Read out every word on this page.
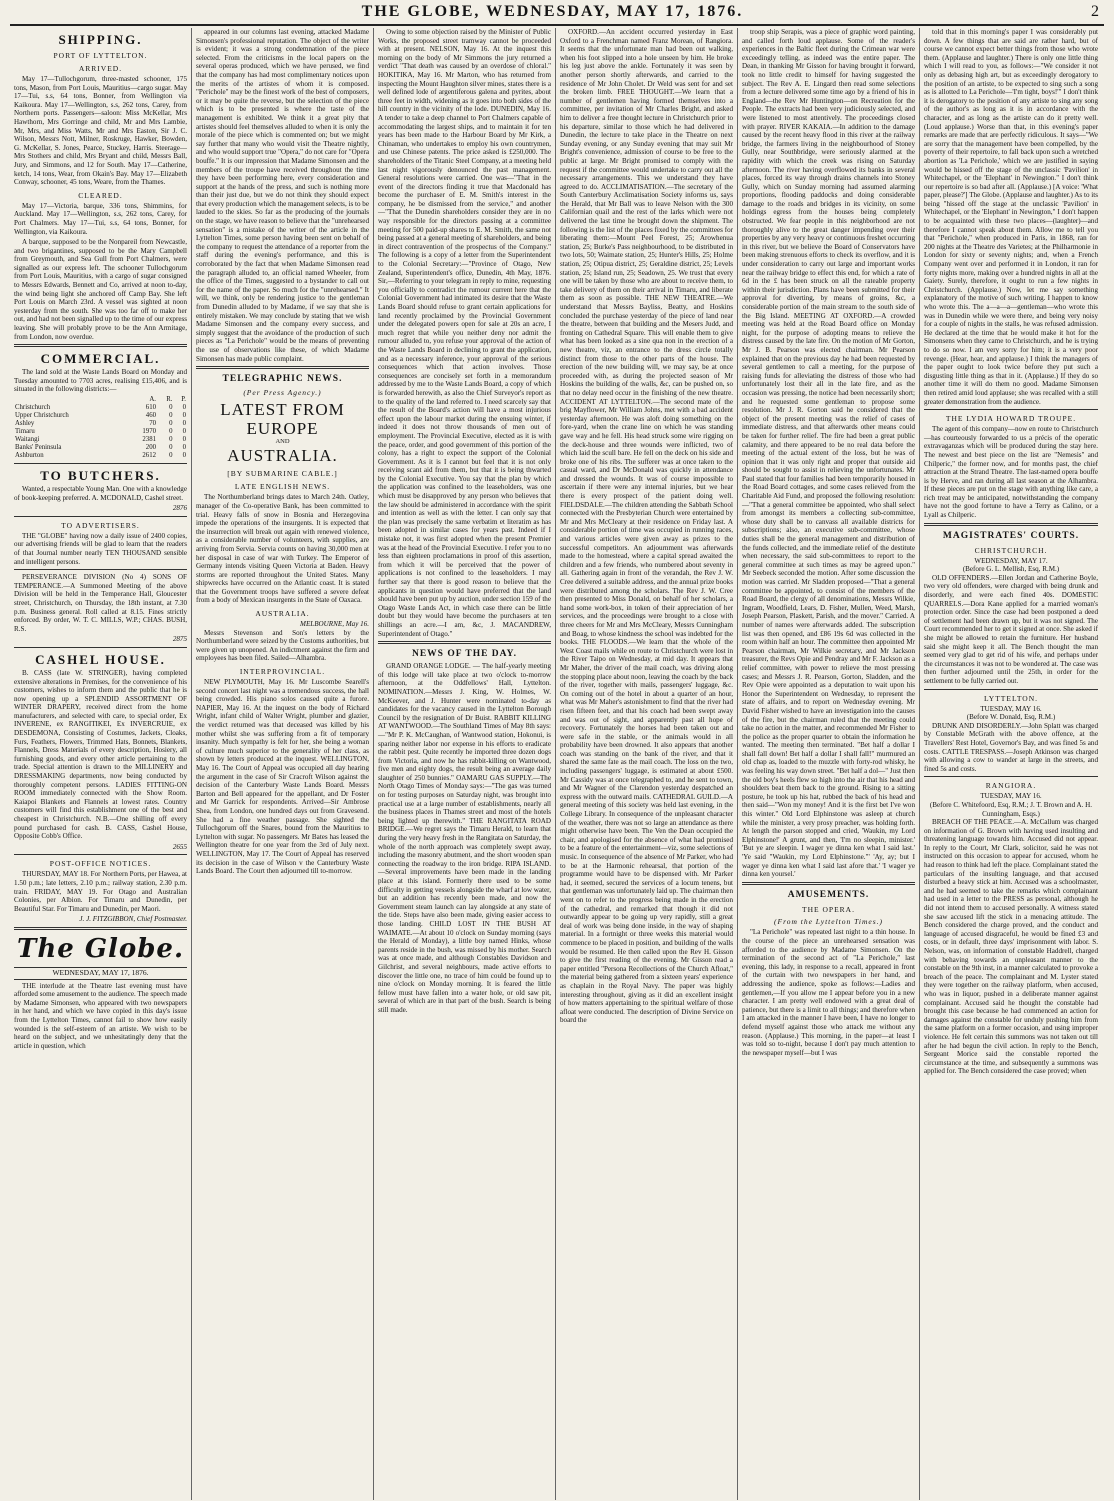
THE GLOBE, WEDNESDAY, MAY 17, 1876.	2
SHIPPING.
PORT OF LYTTELTON.
ARRIVED.

May 17—Tullochgorum, three-masted schooner, 175 tons, Mason, from Port Louis, Mauritius—cargo sugar. May 17—Tui, s.s, 64 tons, Bonner, from Wellington via Kaikoura. May 17—Wellington, s.s, 262 tons, Carey, from Northern ports. Passengers—saloon: Miss McKellar, Mrs Hawthorn, Mrs Gorringe and child, Mr and Mrs Lambie, Mr, Mrs, and Miss Watts, Mr and Mrs Easton, Sir J. C. Wilson, Messrs Nott, Milner, Roskruge, Hawker, Bowden, G. McKellar, S. Jones, Pearce, Stuckey, Harris. Steerage—Mrs Stothers and child, Mrs Bryant and child, Messrs Ball, Jury, and Simmons, and 12 for South. May 17—Catherine, ketch, 14 tons, Wear, from Okain's Bay. May 17—Elizabeth Conway, schooner, 45 tons, Weare, from the Thames.

CLEARED.

May 17—Victoria, barque, 336 tons, Shimmins, for Auckland. May 17—Wellington, s.s, 262 tons, Carey, for Port Chalmers. May 17—Tui, s.s, 64 tons, Bonner, for Wellington, via Kaikoura.

A barque, supposed to be the Nonpareil from Newcastle, and two brigantines, supposed to be the Mary Campbell from Greymouth, and Sea Gull from Port Chalmers, were signalled as our express left. The schooner Tullochgorum from Port Louis, Mauritius, with a cargo of sugar consigned to Messrs Edwards, Bennett and Co, arrived at noon to-day, the wind being light she anchored off Camp Bay. She left Port Louis on March 23rd. A vessel was sighted at noon yesterday from the south. She was too far off to make her out, and had not been signalled up to the time of our express leaving. She will probably prove to be the Ann Armitage, from London, now overdue.

COMMERCIAL.

The land sold at the Waste Lands Board on Monday and Tuesday amounted to 7703 acres, realising £15,406, and is situated in the following districts:—

	A.	R.	P.
Christchurch	610	0	0
Upper Christchurch	460	0	0
Ashley	70	0	0
Timaru	1970	0	0
Waitangi	2381	0	0
Banks' Peninsula	200	0	0
Ashburton	2612	0	0
TO BUTCHERS.

Wanted, a respectable Young Man. One with a knowledge of book-keeping preferred. A. MCDONALD, Cashel street.

2876
TO ADVERTISERS.

THE "GLOBE" having now a daily issue of 2400 copies, our advertising friends will be glad to learn that the readers of that Journal number nearly TEN THOUSAND sensible and intelligent persons.

PERSEVERANCE DIVISION (No 4) SONS OF TEMPERANCE.—A Summoned Meeting of the above Division will be held in the Temperance Hall, Gloucester street, Christchurch, on Thursday, the 18th instant, at 7.30 p.m. Business general. Roll called at 8.15. Fines strictly enforced. By order, W. T. C. MILLS, W.P.; CHAS. BUSH, R.S.

2875
CASHEL HOUSE.

B. CASS (late W. STRINGER), having completed extensive alterations in Premises, for the convenience of his customers, wishes to inform them and the public that he is now opening up a SPLENDID ASSORTMENT OF WINTER DRAPERY, received direct from the home manufacturers, and selected with care, to special order, Ex INVERENE, ex RANGITIKEI, Ex INVERCRUIE, ex DESDEMONA, Consisting of Costumes, Jackets, Cloaks, Furs, Feathers, Flowers, Trimmed Hats, Bonnets, Blankets, Flannels, Dress Materials of every description, Hosiery, all furnishing goods, and every other article pertaining to the trade. Special attention is drawn to the MILLINERY and DRESSMAKING departments, now being conducted by thoroughly competent persons. LADIES FITTING-ON ROOM immediately connected with the Show Room. Kaiapoi Blankets and Flannels at lowest rates. Country customers will find this establishment one of the best and cheapest in Christchurch. N.B.—One shilling off every pound purchased for cash. B. CASS, Cashel House, Opposite Cobb's Office.

2655
POST-OFFICE NOTICES.

THURSDAY, MAY 18. For Northern Ports, per Hawea, at 1.50 p.m.; late letters, 2.10 p.m.; railway station, 2.30 p.m. train. FRIDAY, MAY 19. For Otago and Australian Colonies, per Albion. For Timaru and Dunedin, per Beautiful Star. For Timaru and Dunedin, per Maori.

J. J. FITZGIBBON, Chief Postmaster.
The Globe.
WEDNESDAY, MAY 17, 1876.

THE interlude at the Theatre last evening must have afforded some amusement to the audience. The speech made by Madame Simonsen, who appeared with two newspapers in her hand, and which we have copied in this day's issue from the Lyttelton Times, cannot fail to show how easily wounded is the self-esteem of an artiste. We wish to be heard on the subject, and we unhesitatingly deny that the article in question, which

appeared in our columns last evening, attacked Madame Simonsen's professional reputation. The object of the writer is evident; it was a strong condemnation of the piece selected. From the criticisms in the local papers on the several operas produced, which we have perused, we find that the company has had most complimentary notices upon the merits of the artistes of whom it is composed. "Perichole" may be the finest work of the best of composers, or it may be quite the reverse, but the selection of the piece which is to be presented is where the taste of the management is exhibited. We think it a great pity that artistes should feel themselves alluded to when it is only the morale of the piece which is commented on; but we might say further that many who would visit the Theatre nightly, and who would support true "Opera," do not care for "Opera bouffe." It is our impression that Madame Simonsen and the members of the troupe have received throughout the time they have been performing here, every consideration and support at the hands of the press, and such is nothing more than their just due, but we do not think they should expect that every production which the management selects, is to be lauded to the skies. So far as the producing of the journals on the stage, we have reason to believe that the "unrehearsed sensation" is a mistake of the writer of the article in the Lyttelton Times, some person having been sent on behalf of the company to request the attendance of a reporter from the staff during the evening's performance, and this is corroborated by the fact that when Madame Simonsen read the paragraph alluded to, an official named Wheeler, from the office of the Times, suggested to a bystander to call out for the name of the paper. So much for the "unrehearsed." It will, we think, only be rendering justice to the gentleman from Dunedin alluded to by Madame, if we say that she is entirely mistaken. We may conclude by stating that we wish Madame Simonsen and the company every success, and simply suggest that the avoidance of the production of such pieces as "La Perichole" would be the means of preventing the use of observations like these, of which Madame Simonsen has made public complaint.

TELEGRAPHIC NEWS.
(Per Press Agency.)
LATEST FROM EUROPE
AND
AUSTRALIA.
[BY SUBMARINE CABLE.]
LATE ENGLISH NEWS.

The Northumberland brings dates to March 24th. Oatley, manager of the Co-operative Bank, has been committed to trial. Heavy falls of snow in Bosnia and Herzegovina impede the operations of the insurgents. It is expected that the insurrection will break out again with renewed violence, as a considerable number of volunteers, with supplies, are arriving from Servia. Servia counts on having 30,000 men at her disposal in case of war with Turkey. The Emperor of Germany intends visiting Queen Victoria at Baden. Heavy storms are reported throughout the United States. Many shipwrecks have occurred on the Atlantic coast. It is stated that the Government troops have suffered a severe defeat from a body of Mexican insurgents in the State of Oaxaca.

AUSTRALIA.
MELBOURNE, May 16.

Messrs Stevenson and Son's letters by the Northumberland were seized by the Customs authorities, but were given up unopened. An indictment against the firm and employees has been filed. Sailed—Alhambra.

INTERPROVINCIAL.

NEW PLYMOUTH, May 16. Mr Luscombe Searell's second concert last night was a tremendous success, the hall being crowded. His piano solos caused quite a furore. NAPIER, May 16. At the inquest on the body of Richard Wright, infant child of Walter Wright, plumber and glazier, the verdict returned was that deceased was killed by his mother whilst she was suffering from a fit of temporary insanity. Much sympathy is felt for her, she being a woman of culture much superior to the generality of her class, as shown by letters produced at the inquest. WELLINGTON, May 16. The Court of Appeal was occupied all day hearing the argument in the case of Sir Cracroft Wilson against the decision of the Canterbury Waste Lands Board. Messrs Barton and Bell appeared for the appellant, and Dr Foster and Mr Garrick for respondents. Arrived—Sir Ambrose Shea, from London, one hundred days out from Gravesend. She had a fine weather passage. She sighted the Tullochgorum off the Snares, bound from the Mauritius to Lyttelton with sugar. No passengers. Mr Bates has leased the Wellington theatre for one year from the 3rd of July next. WELLINGTON, May 17. The Court of Appeal has reserved its decision in the case of Wilson v the Canterbury Waste Lands Board. The Court then adjourned till to-morrow.

Owing to some objection raised by the Minister of Public Works, the proposed street tramway cannot be proceeded with at present. NELSON, May 16. At the inquest this morning on the body of Mr Simmons the jury returned a verdict "That death was caused by an overdose of chloral." HOKITIKA, May 16. Mr Marton, who has returned from inspecting the Mount Haughton silver mines, states there is a well defined lode of argentiferous galena and pyrites, about three feet in width, widening as it goes into both sides of the hill country in the vicinity of the lode. DUNEDIN, May 16. A tender to take a deep channel to Port Chalmers capable of accommodating the largest ships, and to maintain it for ten years has been made to the Harbour Board by Mr Kirk, a Chinaman, who undertakes to employ his own countrymen, and use Chinese patents. The price asked is £250,000. The shareholders of the Titanic Steel Company, at a meeting held last night vigorously denounced the past management. General resolutions were carried. One was—"That in the event of the directors finding it true that Macdonald has become the purchaser of E. M. Smith's interest in the company, he be dismissed from the service," and another—"That the Dunedin shareholders consider they are in no way responsible for the directors passing at a committee meeting for 500 paid-up shares to E. M. Smith, the same not being passed at a general meeting of shareholders, and being in direct contravention of the prospectus of the Company." The following is a copy of a letter from the Superintendent to the Colonial Secretary:—"Province of Otago, New Zealand, Superintendent's office, Dunedin, 4th May, 1876. Sir,—Referring to your telegram in reply to mine, requesting you officially to contradict the rumour current here that the Colonial Government had intimated its desire that the Waste Lands Board should refuse to grant certain applications for land recently proclaimed by the Provincial Government under the delegated powers open for sale at 20s an acre, I much regret that while you neither deny nor admit the rumour alluded to, you refuse your approval of the action of the Waste Lands Board in declining to grant the application, and as a necessary inference, your approval of the serious consequences which that action involves. Those consequences are concisely set forth in a memorandum addressed by me to the Waste Lands Board, a copy of which is forwarded herewith, as also the Chief Surveyor's report as to the quality of the land referred to. I need scarcely say that the result of the Board's action will have a most injurious effect upon the labour market during the ensuing winter, if indeed it does not throw thousands of men out of employment. The Provincial Executive, elected as it is with the peace, order, and good government of this portion of the colony, has a right to expect the support of the Colonial Government. As it is I cannot but feel that it is not only receiving scant aid from them, but that it is being thwarted by the Colonial Executive. You say that the plan by which the application was confined to the leaseholders, was one which must be disapproved by any person who believes that the law should be administered in accordance with the spirit and intention as well as with the letter. I can only say that the plan was precisely the same verbatim et literatim as has been adopted in similar cases for years past. Indeed if I mistake not, it was first adopted when the present Premier was at the head of the Provincial Executive. I refer you to no less than eighteen proclamations in proof of this assertion, from which it will be perceived that the power of applications is not confined to the leaseholders. I may further say that there is good reason to believe that the applicants in question would have preferred that the land should have been put up by auction, under section 159 of the Otago Waste Lands Act, in which case there can be little doubt but they would have become the purchasers at ten shillings an acre.—I am, &c, J. MACANDREW, Superintendent of Otago."

NEWS OF THE DAY.

GRAND ORANGE LODGE. — The half-yearly meeting of this lodge will take place at two o'clock to-morrow afternoon, at the Oddfellows' Hall, Lyttelton. NOMINATION.—Messrs J. King, W. Holmes, W. McKeever, and J. Hunter were nominated to-day as candidates for the vacancy caused in the Lyttelton Borough Council by the resignation of Dr Buist. RABBIT KILLING AT WANTWOOD.—The Southland Times of May 8th says:—"Mr P. K. McCaughan, of Wantwood station, Hokonui, is sparing neither labor nor expense in his efforts to eradicate the rabbit pest. Quite recently he imported three dozen dogs from Victoria, and now he has rabbit-killing on Wantwood, five men and eighty dogs, the result being an average daily slaughter of 250 bunnies." OAMARU GAS SUPPLY.—The North Otago Times of Monday says:—"The gas was turned on for testing purposes on Saturday night, was brought into practical use at a large number of establishments, nearly all the business places in Thames street and most of the hotels being lighted up therewith." THE RANGITATA ROAD BRIDGE.—We regret says the Timaru Herald, to learn that during the very heavy fresh in the Rangitata on Saturday, the whole of the north approach was completely swept away, including the masonry abutment, and the short wooden span connecting the roadway to the iron bridge. RIPA ISLAND.—Several improvements have been made in the landing place at this island. Formerly there used to be some difficulty in getting vessels alongside the wharf at low water, but an addition has recently been made, and now the Government steam launch can lay alongside at any state of the tide. Steps have also been made, giving easier access to those landing. CHILD LOST IN THE BUSH AT WAIMATE.—At about 10 o'clock on Sunday morning (says the Herald of Monday), a little boy named Hinks, whose parents reside in the bush, was missed by his mother. Search was at once made, and although Constables Davidson and Gilchrist, and several neighbours, made active efforts to discover the little one, no trace of him could be found up to nine o'clock on Monday morning. It is feared the little fellow must have fallen into a water hole, or old saw pit, several of which are in that part of the bush. Search is being still made.

OXFORD.—An accident occurred yesterday in East Oxford to a Frenchman named Franz Morean, of Rangiora. It seems that the unfortunate man had been out walking, when his foot slipped into a hole unseen by him. He broke his leg just above the ankle. Fortunately it was seen by another person shortly afterwards, and carried to the residence of Mr John Cholet. Dr Weld was sent for and set the broken limb. FREE THOUGHT.—We learn that a number of gentlemen having formed themselves into a committee, per invitation of Mr Charles Bright, and asked him to deliver a free thought lecture in Christchurch prior to his departure, similar to those which he had delivered in Dunedin, the lecture to take place in the Theatre on next Sunday evening, or any Sunday evening that may suit Mr Bright's convenience, admission of course to be free to the public at large. Mr Bright promised to comply with the request if the committee would undertake to carry out all the necessary arrangements. This we understand they have agreed to do. ACCLIMATISATION.—The secretary of the South Canterbury Acclimatisation Society informs us, says the Herald, that Mr Ball was to leave Nelson with the 300 Californian quail and the rest of the larks which were not delivered the last time he brought down the shipment. The following is the list of the places fixed by the committees for liberating them:—Mount Peel Forest, 25; Arowhenua station, 25; Burke's Pass neighbourhood, to be distributed in two lots, 50; Waimate station, 25; Hunter's Hills, 25; Holme station, 25; Otipua district, 25; Geraldine district, 25; Levels station, 25; Island run, 25; Seadown, 25. We trust that every one will be taken by those who are about to receive them, to take delivery of them on their arrival in Timaru, and liberate them as soon as possible. THE NEW THEATRE.—We understand that Messrs Bayliss, Beatty, and Hoskins concluded the purchase yesterday of the piece of land near the theatre, between that building and the Mesers Judd, and fronting on Cathedral Square. This will enable them to give what has been looked as a sine qua non in the erection of a new theatre, viz, an entrance to the dress circle totally distinct from those to the other parts of the house. The erection of the new building will, we may say, be at once proceeded with, as during the projected season of Mr Hoskins the building of the walls, &c, can be pushed on, so that no delay need occur in the finishing of the new theatre. ACCIDENT AT LYTTELTON.—The second mate of the brig Mayflower, Mr William Johns, met with a bad accident yesterday afternoon. He was aloft doing something on the fore-yard, when the crane line on which he was standing gave way and he fell. His head struck some wire rigging on the deck-house and three wounds were inflicted, two of which laid the scull bare. He fell on the deck on his side and broke one of his ribs. The sufferer was at once taken to the casual ward, and Dr McDonald was quickly in attendance and dressed the wounds. It was of course impossible to ascertain if there were any internal injuries, but we hear there is every prospect of the patient doing well. FIELDSDALE.—The children attending the Sabbath School connected with the Presbyterian Church were entertained by Mr and Mrs McCleary at their residence on Friday last. A considerable portion of time was occupied in running races, and various articles were given away as prizes to the successful competitors. An adjournment was afterwards made to the homestead, where a capital spread awaited the children and a few friends, who numbered about seventy in all. Gathering again in front of the verandah, the Rev J. W. Cree delivered a suitable address, and the annual prize books were distributed among the scholars. The Rev J. W. Cree then presented to Miss Donald, on behalf of her scholars, a hand some work-box, in token of their appreciation of her services, and the proceedings were brought to a close with three cheers for Mr and Mrs McCleary, Messrs Cunningham and Boag, to whose kindness the school was indebted for the books. THE FLOODS.—We learn that the whole of the West Coast mails while en route to Christchurch were lost in the River Taipo on Wednesday, at mid day. It appears that Mr Maher, the driver of the mail coach, was driving along the stopping place about noon, leaving the coach by the back of the river, together with mails, passengers' luggage, &c. On coming out of the hotel in about a quarter of an hour, what was Mr Maher's astonishment to find that the river had risen fifteen feet, and that his coach had been swept away and was out of sight, and apparently past all hope of recovery. Fortunately the horses had been taken out and were safe in the stable, or the animals would in all probability have been drowned. It also appears that another coach was standing on the bank of the river, and that it shared the same fate as the mail coach. The loss on the two, including passengers' luggage, is estimated at about £500. Mr Cassidy was at once telegraphed to, and he sent to town, and Mr Wagner of the Clarendon yesterday despatched an express with the outward mails. CATHEDRAL GUILD.—A general meeting of this society was held last evening, in the College Library. In consequence of the unpleasant character of the weather, there was not so large an attendance as there might otherwise have been. The Ven the Dean occupied the chair, and apologised for the absence of what had promised to be a feature of the entertainment—viz, some selections of music. In consequence of the absence of Mr Parker, who had to be at the Harmonic rehearsal, that portion of the programme would have to be dispensed with. Mr Parker had, it seemed, secured the services of a locum tenens, but that gentleman was unfortunately laid up. The chairman then went on to refer to the progress being made in the erection of the cathedral, and remarked that though it did not outwardly appear to be going up very rapidly, still a great deal of work was being done inside, in the way of shaping material. In a fortnight or three weeks this material would commence to be placed in position, and building of the walls would be resumed. He then called upon the Rev H. Gisson to give the first reading of the evening. Mr Gisson read a paper entitled "Persona Recollections of the Church Afloat," the material being gathered from a sixteen years' experience as chaplain in the Royal Navy. The paper was highly interesting throughout, giving as it did an excellent insight of how matters appertaining to the spiritual welfare of those afloat were conducted. The description of Divine Service on board the

troop ship Serapis, was a piece of graphic word painting, and called forth loud applause. Some of the reader's experiences in the Baltic fleet during the Crimean war were exceedingly telling, as indeed was the entire paper. The Dean, in thanking Mr Gisson for having brought it forward, took no little credit to himself for having suggested the subject. The Rev A. E. Lingard then read some selections from a lecture delivered some time ago by a friend of his in England—the Rev Mr Huntington—on Recreation for the People. The extracts had been very judiciously selected, and were listened to most attentively. The proceedings closed with prayer. RIVER KAKAIA.—In addition to the damage caused by the recent heavy flood in this river at the railway bridge, the farmers living in the neighbourhood of Stoney Gully, near Southbridge, were seriously alarmed at the rapidity with which the creek was rising on Saturday afternoon. The river having overflowed its banks in several places, forced its way through drains channels into Stoney Gully, which on Sunday morning had assumed alarming proportions, flooding paddocks and doing considerable damage to the roads and bridges in its vicinity, on some holdings egress from the houses being completely obstructed. We fear people in this neighborhood are not thoroughly alive to the great danger impending over their properties by any very heavy or continuous freshet occurring in this river, but we believe the Board of Conservators have been making strenuous efforts to check its overflow, and it is under consideration to carry out large and important works near the railway bridge to effect this end, for which a rate of 6d in the £ has been struck on all the rateable property within their jurisdiction. Plans have been submitted for their approval for diverting, by means of groins, &c, a considerable portion of the main stream to the south side of the Big Island. MEETING AT OXFORD.—A crowded meeting was held at the Road Board office on Monday night, for the purpose of adopting means to relieve the distress caused by the late fire. On the motion of Mr Gorton, Mr J. B. Pearson was elected chairman. Mr Pearson explained that on the previous day he had been requested by several gentlemen to call a meeting, for the purpose of raising funds for alleviating the distress of those who had unfortunately lost their all in the late fire, and as the occasion was pressing, the notice had been necessarily short; and he requested some gentleman to propose some resolution. Mr J. R. Gorton said he considered that the object of the present meeting was the relief of cases of immediate distress, and that afterwards other means could be taken for further relief. The fire had been a great public calamity, and there appeared to be no real data before the meeting of the actual extent of the loss, but he was of opinion that it was only right and proper that outside aid should be sought to assist in relieving the unfortunates. Mr Paul stated that four families had been temporarily housed in the Road Board cottages, and some cases relieved from the Charitable Aid Fund, and proposed the following resolution:—"That a general committee be appointed, who shall select from amongst its members a collecting sub-committee, whose duty shall be to canvass all available districts for subscriptions; also, an executive sub-committee, whose duties shall be the general management and distribution of the funds collected, and the immediate relief of the destitute when necessary, the said sub-committees to report to the general committee at such times as may be agreed upon." Mr Seebeck seconded the motion. After some discussion the motion was carried. Mr Sladden proposed—"That a general committee be appointed, to consist of the members of the Road Board, the clergy of all denominations, Messrs Wilkie, Ingram, Woodfield, Lears, D. Fisher, Mullen, Weed, Marsh, Joseph Pearson, Plaskett, Parish, and the mover." Carried. A number of names were afterwards added. The subscription list was then opened, and £86 19s 6d was collected in the room within half an hour. The committee then appointed Mr Pearson chairman, Mr Wilkie secretary, and Mr Jackson treasurer, the Revs Opie and Pendray and Mr F. Jackson as a relief committee, with power to relieve the most pressing cases; and Messrs J. R. Pearson, Gorton, Sladden, and the Rev Opie were appointed as a deputation to wait upon his Honor the Superintendent on Wednesday, to represent the state of affairs, and to report on Wednesday evening. Mr David Fisher wished to have an investigation into the causes of the fire, but the chairman ruled that the meeting could take no action in the matter, and recommended Mr Fisher to the police as the proper quarter to obtain the information he wanted. The meeting then terminated. "Bet half a dollar I shall fall down! Bet half a dollar I shall fall!" murmured an old chap as, loaded to the muzzle with forty-rod whisky, he was feeling his way down street. "Bet half a dol—" Just then the old boy's heels flew so high into the air that his head and shoulders beat them back to the ground. Rising to a sitting posture, he took up his hat, rubbed the back of his head and then said—"Won my money! And it is the first bet I've won this winter." Old Lord Elphinstone was asleep at church while the minister, a very prosy preacher, was holding forth. At length the parson stopped and cried, 'Waukin, my Lord Elphinstone!' A grunt, and then, 'I'm no sleepin, minister.' 'But ye are sleepin. I wager ye dinna ken what I said last.' 'Ye said "Waukin, my Lord Elphinstone."' 'Ay, ay; but I wager ye dinna ken what I said last afore that.' 'I wager ye dinna ken yoursel.'

AMUSEMENTS.
THE OPERA.
(From the Lyttelton Times.)

"La Perichole" was repeated last night to a thin house. In the course of the piece an unrehearsed sensation was afforded to the audience by Madame Simonsen. On the termination of the second act of "La Perichole," last evening, this lady, in response to a recall, appeared in front of the curtain with two newspapers in her hand, and addressing the audience, spoke as follows:—Ladies and gentlemen,—If you allow me I appear before you in a new character. I am pretty well endowed with a great deal of patience, but there is a limit to all things; and therefore when I am attacked in the manner I have been, I have no longer to defend myself against those who attack me without any reason. (Applause.) This morning, in the paper—at least I was told so to-night, because I don't pay much attention to the newspaper myself—but I was

told that in this morning's paper I was considerably put down. A few things that are said are rather hard, but of course we cannot expect better things from those who wrote them. (Applause and laughter.) There is only one little thing which I will read to you, as follows:—"We consider it not only as debasing high art, but as exceedingly derogatory to the position of an artiste, to be expected to sing such a song as is allotted to La Perichole—'I'm tight, boys!'" I don't think it is derogatory to the position of any artiste to sing any song of the author's as long as it is in accordance with the character, and as long as the artiste can do it pretty well. (Loud applause.) Worse than that, in this evening's paper remarks are made that are perfectly ridiculous. It says—"We are sorry that the management have been compelled, by the poverty of their repertoire, to fall back upon such a wretched abortion as 'La Perichole,' which we are justified in saying would be hissed off the stage of the unclassic 'Pavilion' in Whitechapel, or the 'Elephant' in Newington." I don't think our repertoire is so bad after all. (Applause.) [A voice: 'What paper, please?'] The Globe. (Applause and laughter.) As to its being "hissed off the stage at the unclassic 'Pavilion' in Whitechapel, or the 'Elephant' in Newington," I don't happen to be acquainted with these two places—(laughter)—and therefore I cannot speak about them. Allow me to tell you that "Perichole," when produced in Paris, in 1868, ran for 200 nights at the Theatre des Varietes; at the Philharmonie in London for sixty or seventy nights; and, when a French Company went over and performed it in London, it ran for forty nights more, making over a hundred nights in all at the Gaiety. Surely, therefore, it ought to run a few nights in Christchurch. (Applause.) Now, let me say something explanatory of the motive of such writing. I happen to know who wrote this. The a—a—a—gentleman—who wrote this was in Dunedin while we were there, and being very noisy for a couple of nights in the stalls, he was refused admission. He declared at the time that he would make it hot for the Simonsens when they came to Christchurch, and he is trying to do so now. I am very sorry for him; it is a very poor revenge. (Hear, hear, and applause.) I think the managers of the paper ought to look twice before they put such a disgusting little thing as that in it. (Applause.) If they do so another time it will do them no good. Madame Simonsen then retired amid loud applause; she was recalled with a still greater demonstration from the audience.

THE LYDIA HOWARD TROUPE.

The agent of this company—now en route to Christchurch—has courteously forwarded to us a précis of the operatic extravaganzas which will be produced during the stay here. The newest and best piece on the list are "Nemesis" and Chilperic," the former now, and for months past, the chief attraction at the Strand Theatre. The last-named opera bouffe is by Herve, and ran during all last season at the Alhambra. If these pieces are put on the stage with anything like care, a rich treat may be anticipated, notwithstanding the company have not the good fortune to have a Terry as Calino, or a Lyall as Chilperic.

MAGISTRATES' COURTS.
CHRISTCHURCH.
WEDNESDAY, MAY 17.
(Before G. L. Mellish, Esq, R.M.)

OLD OFFENDERS.—Ellen Jordan and Catherine Boyle, two very old offenders, were charged with being drunk and disorderly, and were each fined 40s. DOMESTIC QUARRELS.—Dora Kane applied for a married woman's protection order. Since the case had been postponed a deed of settlement had been drawn up, but it was not signed. The Court recommended her to get it signed at once. She asked if she might be allowed to retain the furniture. Her husband said she might keep it all. The Bench thought the man seemed very glad to get rid of his wife, and perhaps under the circumstances it was not to be wondered at. The case was then further adjourned until the 25th, in order for the settlement to be fully carried out.

LYTTELTON.
TUESDAY, MAY 16.
(Before W. Donald, Esq, R.M.)

DRUNK AND DISORDERLY.—John Splatt was charged by Constable McGrath with the above offence, at the Travellers' Rest Hotel, Governor's Bay, and was fined 5s and costs. CATTLE TRESPASS.—Joseph Atkinson was charged with allowing a cow to wander at large in the streets, and fined 5s and costs.

RANGIORA.
TUESDAY, MAY 16.
(Before C. Whitefoord, Esq, R.M.; J. T. Brown and A. H. Cunningham, Esqs.)

BREACH OF THE PEACE.—A. McCallum was charged on information of G. Brown with having used insulting and threatening language towards him. Accused did not appear. In reply to the Court, Mr Clark, solicitor, said he was not instructed on this occasion to appear for accused, whom he had reason to think had left the place. Complainant stated the particulars of the insulting language, and that accused disturbed a heavy stick at him. Accused was a schoolmaster, and he had seemed to take the remarks which complainant had used in a letter to the PRESS as personal, although he did not intend them to accused personally. A witness stated she saw accused lift the stick in a menacing attitude. The Bench considered the charge proved, and the conduct and language of accused disgraceful, he would be fined £3 and costs, or in default, three days' imprisonment with labor. S. Nelson, was, on information of constable Haddrell, charged with behaving towards an unpleasant manner to the constable on the 9th inst, in a manner calculated to provoke a breach of the peace. The complainant and M. Lyster stated they were together on the railway platform, when accused, who was in liquor, pushed in a deliberate manner against complainant. Accused said he thought the constable had brought this case because he had commenced an action for damages against the constable for unduly pushing him from the same platform on a former occasion, and using improper violence. He felt certain this summons was not taken out till after he had begun the civil action. In reply to the Bench, Sergeant Morice said the constable reported the circumstance at the time, and subsequently a summons was applied for. The Bench considered the case proved; when
